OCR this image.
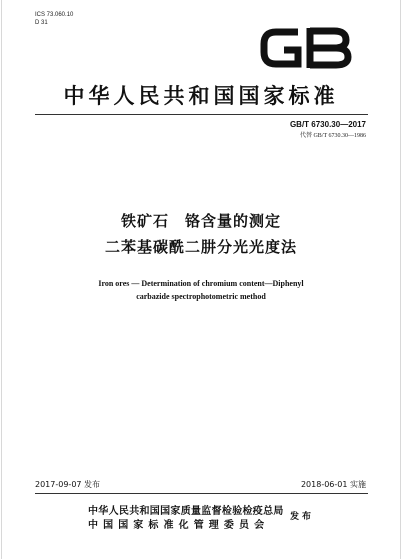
ICS 73.060.10
D 31
中华人民共和国国家标准
GB/T 6730.30—2017
代替 GB/T 6730.30—1986
铁矿石　铬含量的测定
二苯基碳酰二肼分光光度法
Iron ores — Determination of chromium content—Diphenyl
carbazide spectrophotometric method
2017-09-07 发布	2018-06-01 实施
中华人民共和国国家质量监督检验检疫总局
中国国家标准化管理委员会
发布
